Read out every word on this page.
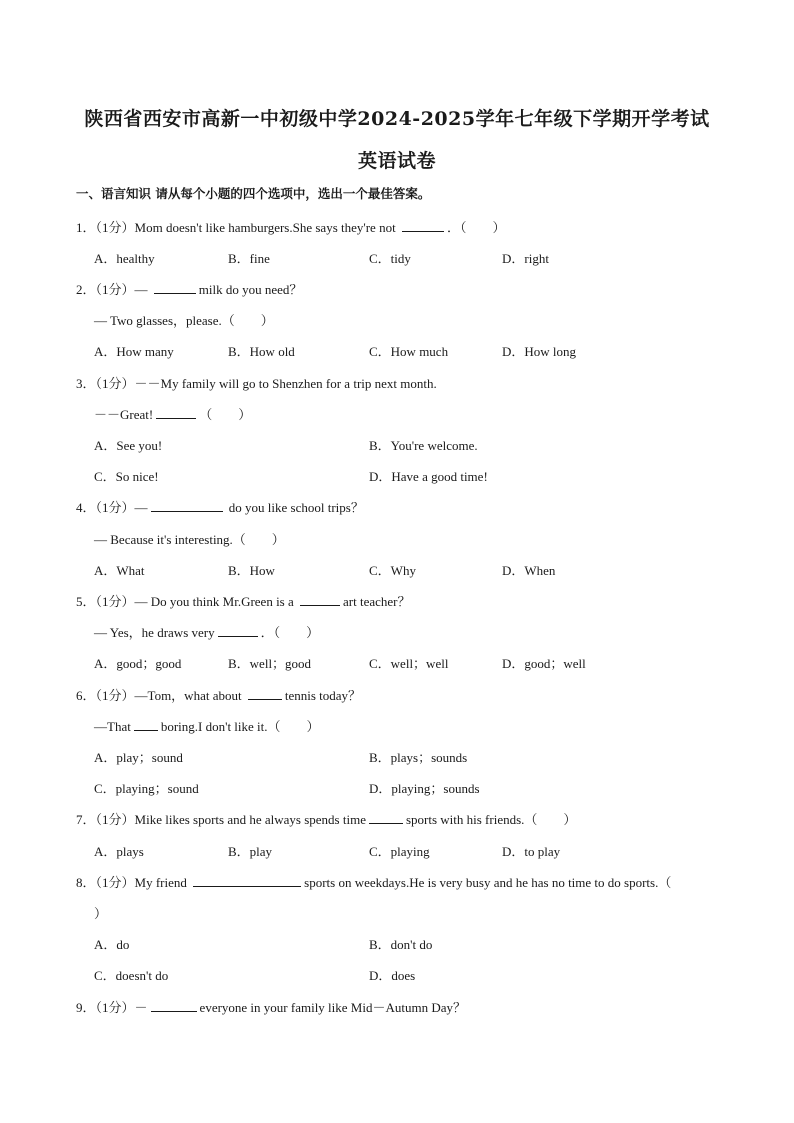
陕西省西安市高新一中初级中学2024-2025学年七年级下学期开学考试
英语试卷
一、语言知识 请从每个小题的四个选项中，选出一个最佳答案。
1．（1分）Mom doesn't like hamburgers.She says they're not	．（　　）
A．healthy	B．fine	C．tidy	D．right
2．（1分）—	milk do you need？
— Two glasses，please.（　　）
A．How many	B．How old	C．How much	D．How long
3．（1分）－－My family will go to Shenzhen for a trip next month.
－－Great!	（　　）
A．See you!	B．You're welcome.
C．So nice!	D．Have a good time!
4．（1分）—	do you like school trips？
— Because it's interesting.（　　）
A．What	B．How	C．Why	D．When
5．（1分）— Do you think Mr.Green is a	art teacher？
— Yes，he draws very	．（　　）
A．good；good	B．well；good	C．well；well	D．good；well
6．（1分）—Tom，what about	tennis today？
—That boring.I don't like it.（　　）
A．play；sound	B．plays；sounds
C．playing；sound	D．playing；sounds
7．（1分）Mike likes sports and he always spends time	sports with his friends.（　　）
A．plays	B．play	C．playing	D．to play
8．（1分）My friend	sports on weekdays.He is very busy and he has no time to do sports.（
）
A．do	B．don't do
C．doesn't do	D．does
9．（1分）－	everyone in your family like Mid－Autumn Day？
